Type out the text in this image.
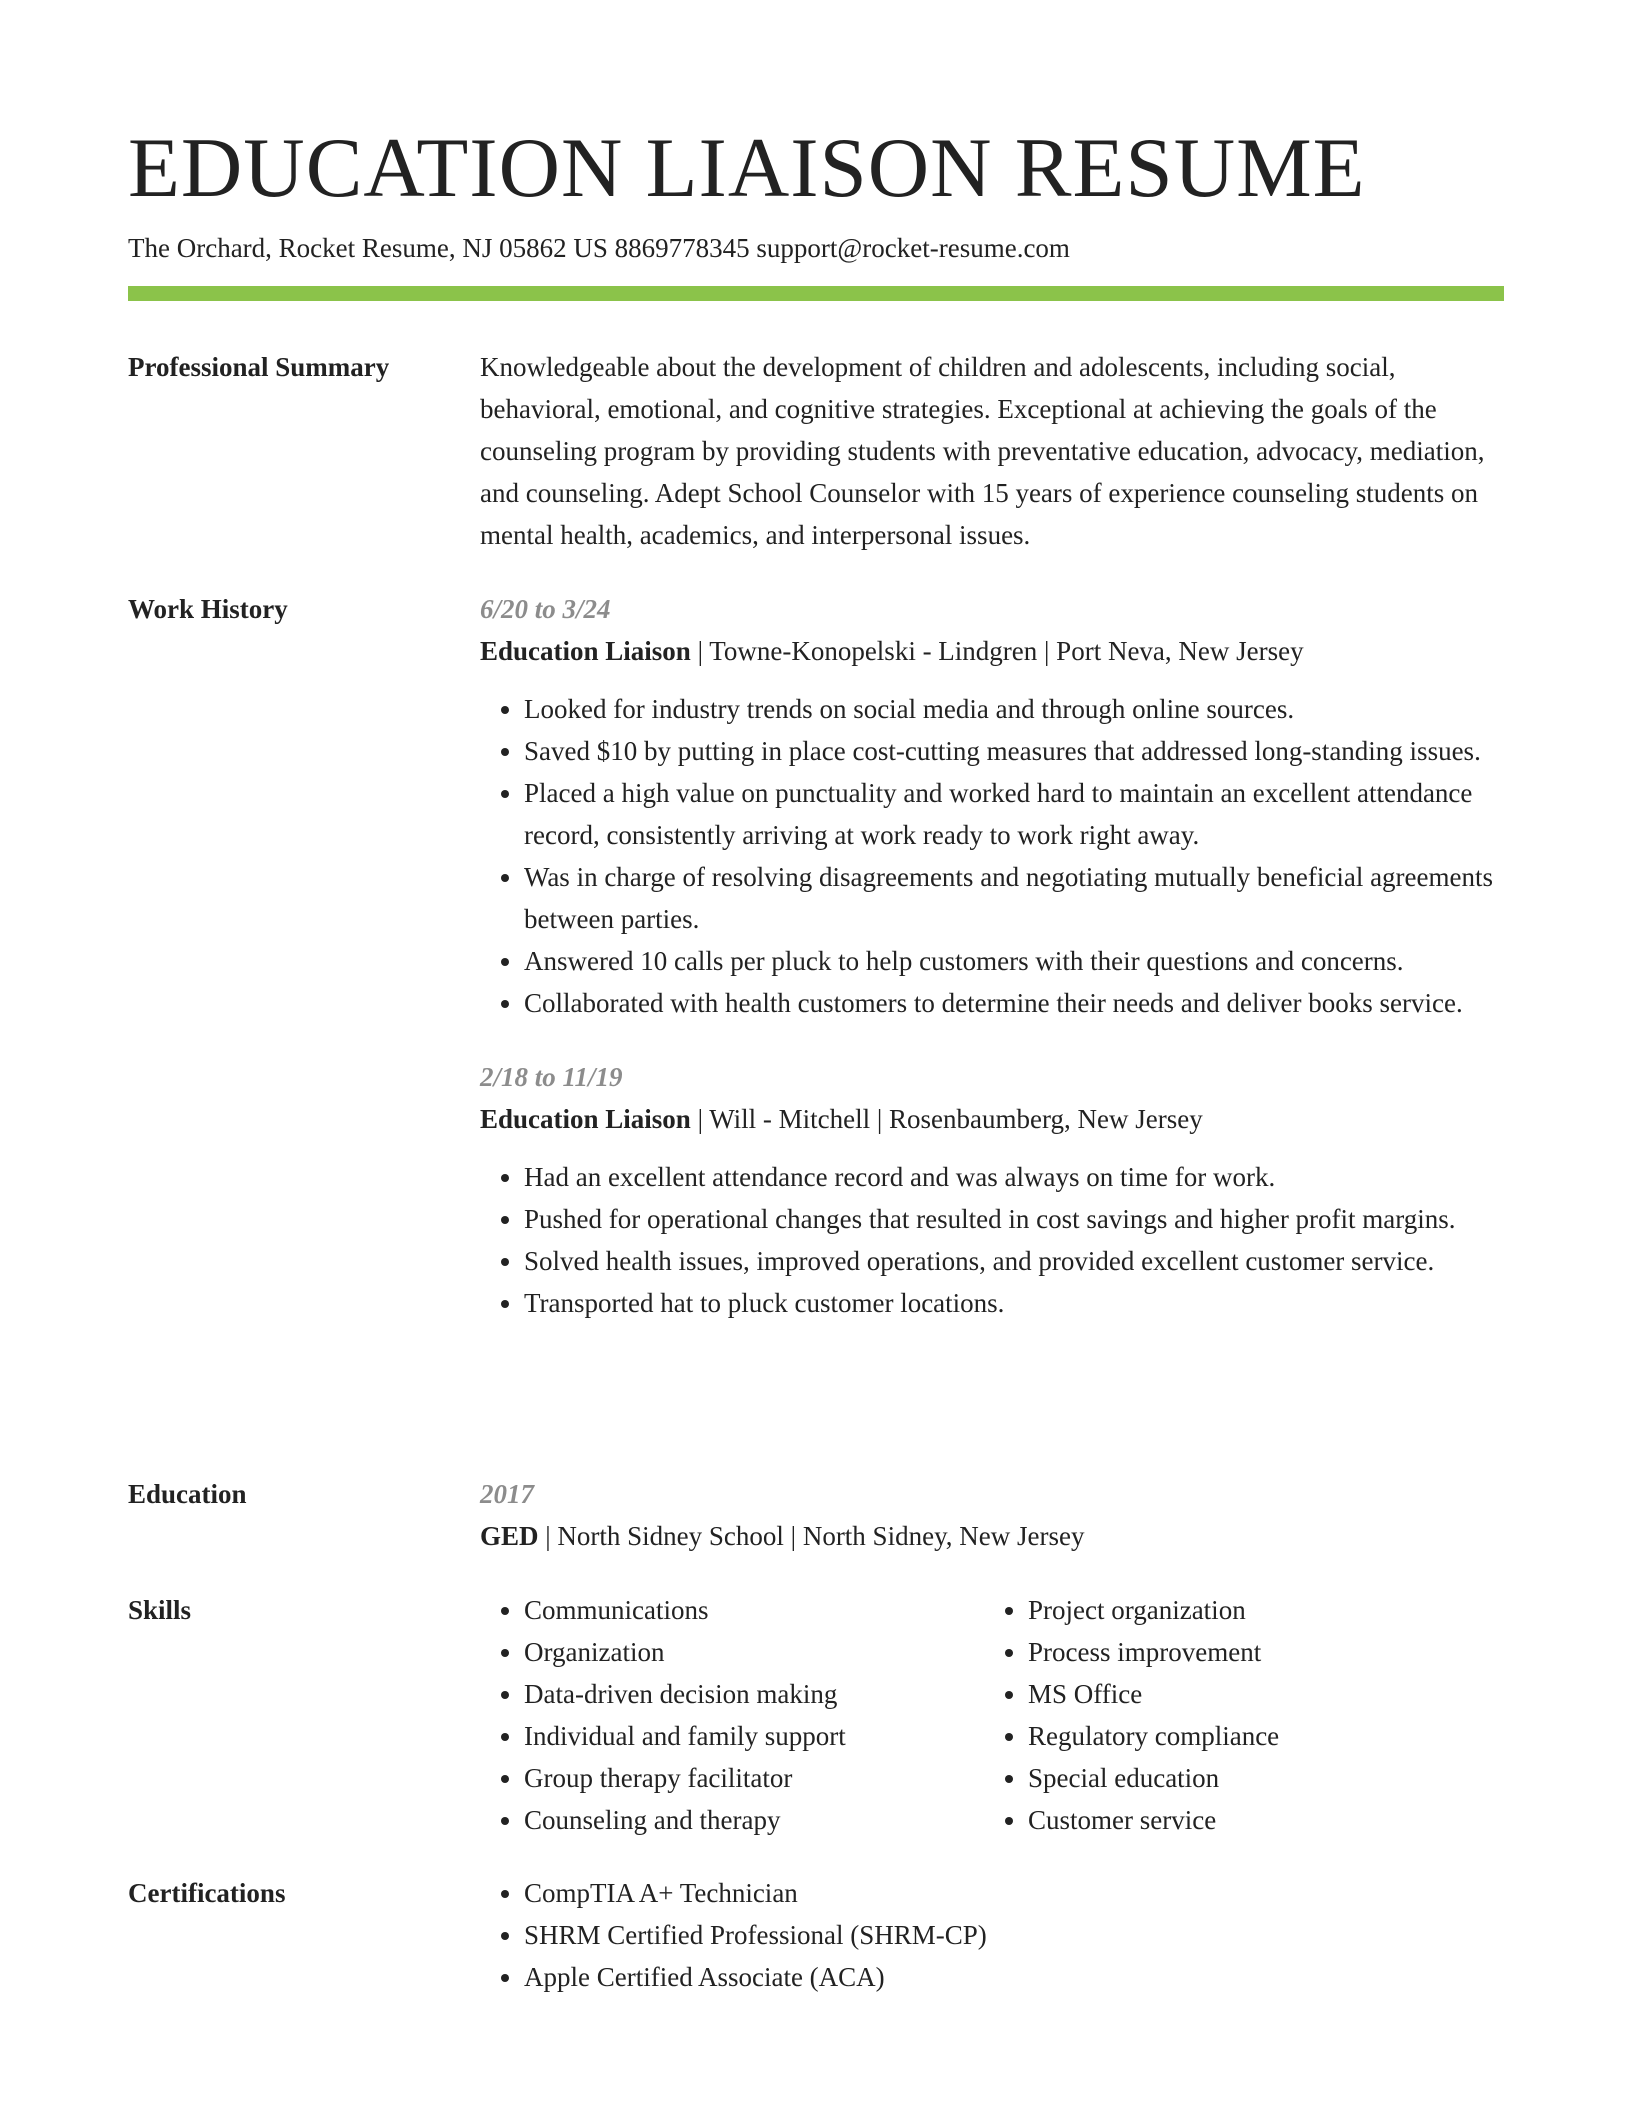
EDUCATION LIAISON RESUME
The Orchard, Rocket Resume, NJ 05862 US 8869778345 support@rocket-resume.com
Professional Summary	Knowledgeable about the development of children and adolescents, including social, behavioral, emotional, and cognitive strategies. Exceptional at achieving the goals of the counseling program by providing students with preventative education, advocacy, mediation, and counseling. Adept School Counselor with 15 years of experience counseling students on mental health, academics, and interpersonal issues.

Work History	6/20 to 3/24
Education Liaison | Towne-Konopelski - Lindgren | Port Neva, New Jersey
• Looked for industry trends on social media and through online sources.
• Saved $10 by putting in place cost-cutting measures that addressed long-standing issues.
• Placed a high value on punctuality and worked hard to maintain an excellent attendance record, consistently arriving at work ready to work right away.
• Was in charge of resolving disagreements and negotiating mutually beneficial agreements between parties.
• Answered 10 calls per pluck to help customers with their questions and concerns.
• Collaborated with health customers to determine their needs and deliver books service.
2/18 to 11/19
Education Liaison | Will - Mitchell | Rosenbaumberg, New Jersey
• Had an excellent attendance record and was always on time for work.
• Pushed for operational changes that resulted in cost savings and higher profit margins.
• Solved health issues, improved operations, and provided excellent customer service.
• Transported hat to pluck customer locations.
Education	2017
GED | North Sidney School | North Sidney, New Jersey
Skills	• Communications
• Organization
• Data-driven decision making
• Individual and family support
• Group therapy facilitator
• Counseling and therapy
• Project organization
• Process improvement
• MS Office
• Regulatory compliance
• Special education
• Customer service
Certifications	• CompTIA A+ Technician
• SHRM Certified Professional (SHRM-CP)
• Apple Certified Associate (ACA)
